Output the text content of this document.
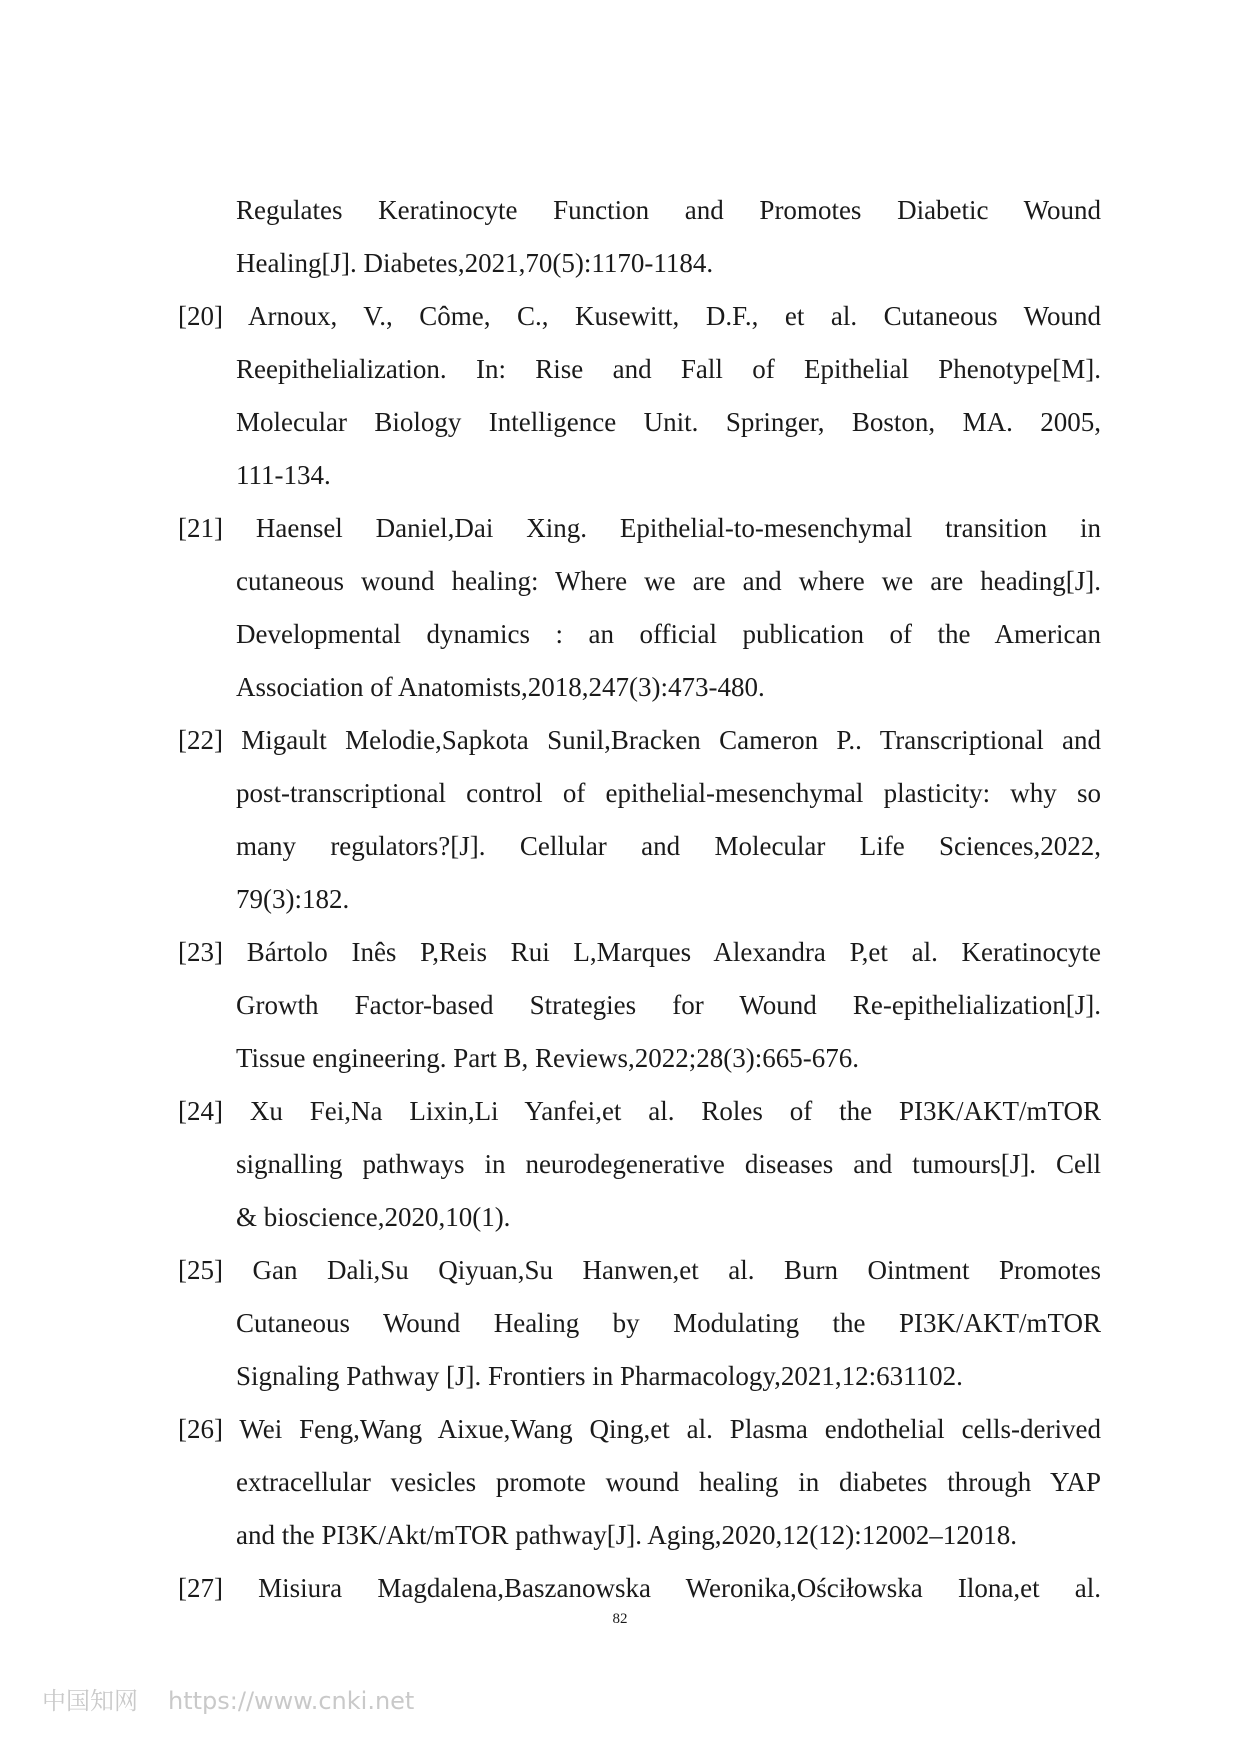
Regulates Keratinocyte Function and Promotes Diabetic Wound
Healing[J]. Diabetes,2021,70(5):1170-1184.
[20] Arnoux, V., Côme, C., Kusewitt, D.F., et al. Cutaneous Wound
Reepithelialization. In: Rise and Fall of Epithelial Phenotype[M].
Molecular Biology Intelligence Unit. Springer, Boston, MA. 2005,
111-134.
[21] Haensel Daniel,Dai Xing. Epithelial-to-mesenchymal transition in
cutaneous wound healing: Where we are and where we are heading[J].
Developmental dynamics : an official publication of the American
Association of Anatomists,2018,247(3):473-480.
[22] Migault Melodie,Sapkota Sunil,Bracken Cameron P.. Transcriptional and
post-transcriptional control of epithelial-mesenchymal plasticity: why so
many regulators?[J]. Cellular and Molecular Life Sciences,2022,
79(3):182.
[23] Bártolo Inês P,Reis Rui L,Marques Alexandra P,et al. Keratinocyte
Growth Factor-based Strategies for Wound Re-epithelialization[J].
Tissue engineering. Part B, Reviews,2022;28(3):665-676.
[24] Xu Fei,Na Lixin,Li Yanfei,et al. Roles of the PI3K/AKT/mTOR
signalling pathways in neurodegenerative diseases and tumours[J]. Cell
& bioscience,2020,10(1).
[25] Gan Dali,Su Qiyuan,Su Hanwen,et al. Burn Ointment Promotes
Cutaneous Wound Healing by Modulating the PI3K/AKT/mTOR
Signaling Pathway [J]. Frontiers in Pharmacology,2021,12:631102.
[26] Wei Feng,Wang Aixue,Wang Qing,et al. Plasma endothelial cells-derived
extracellular vesicles promote wound healing in diabetes through YAP
and the PI3K/Akt/mTOR pathway[J]. Aging,2020,12(12):12002–12018.
[27] Misiura Magdalena,Baszanowska Weronika,Ościłowska Ilona,et al.
82
中国知网 https://www.cnki.net
